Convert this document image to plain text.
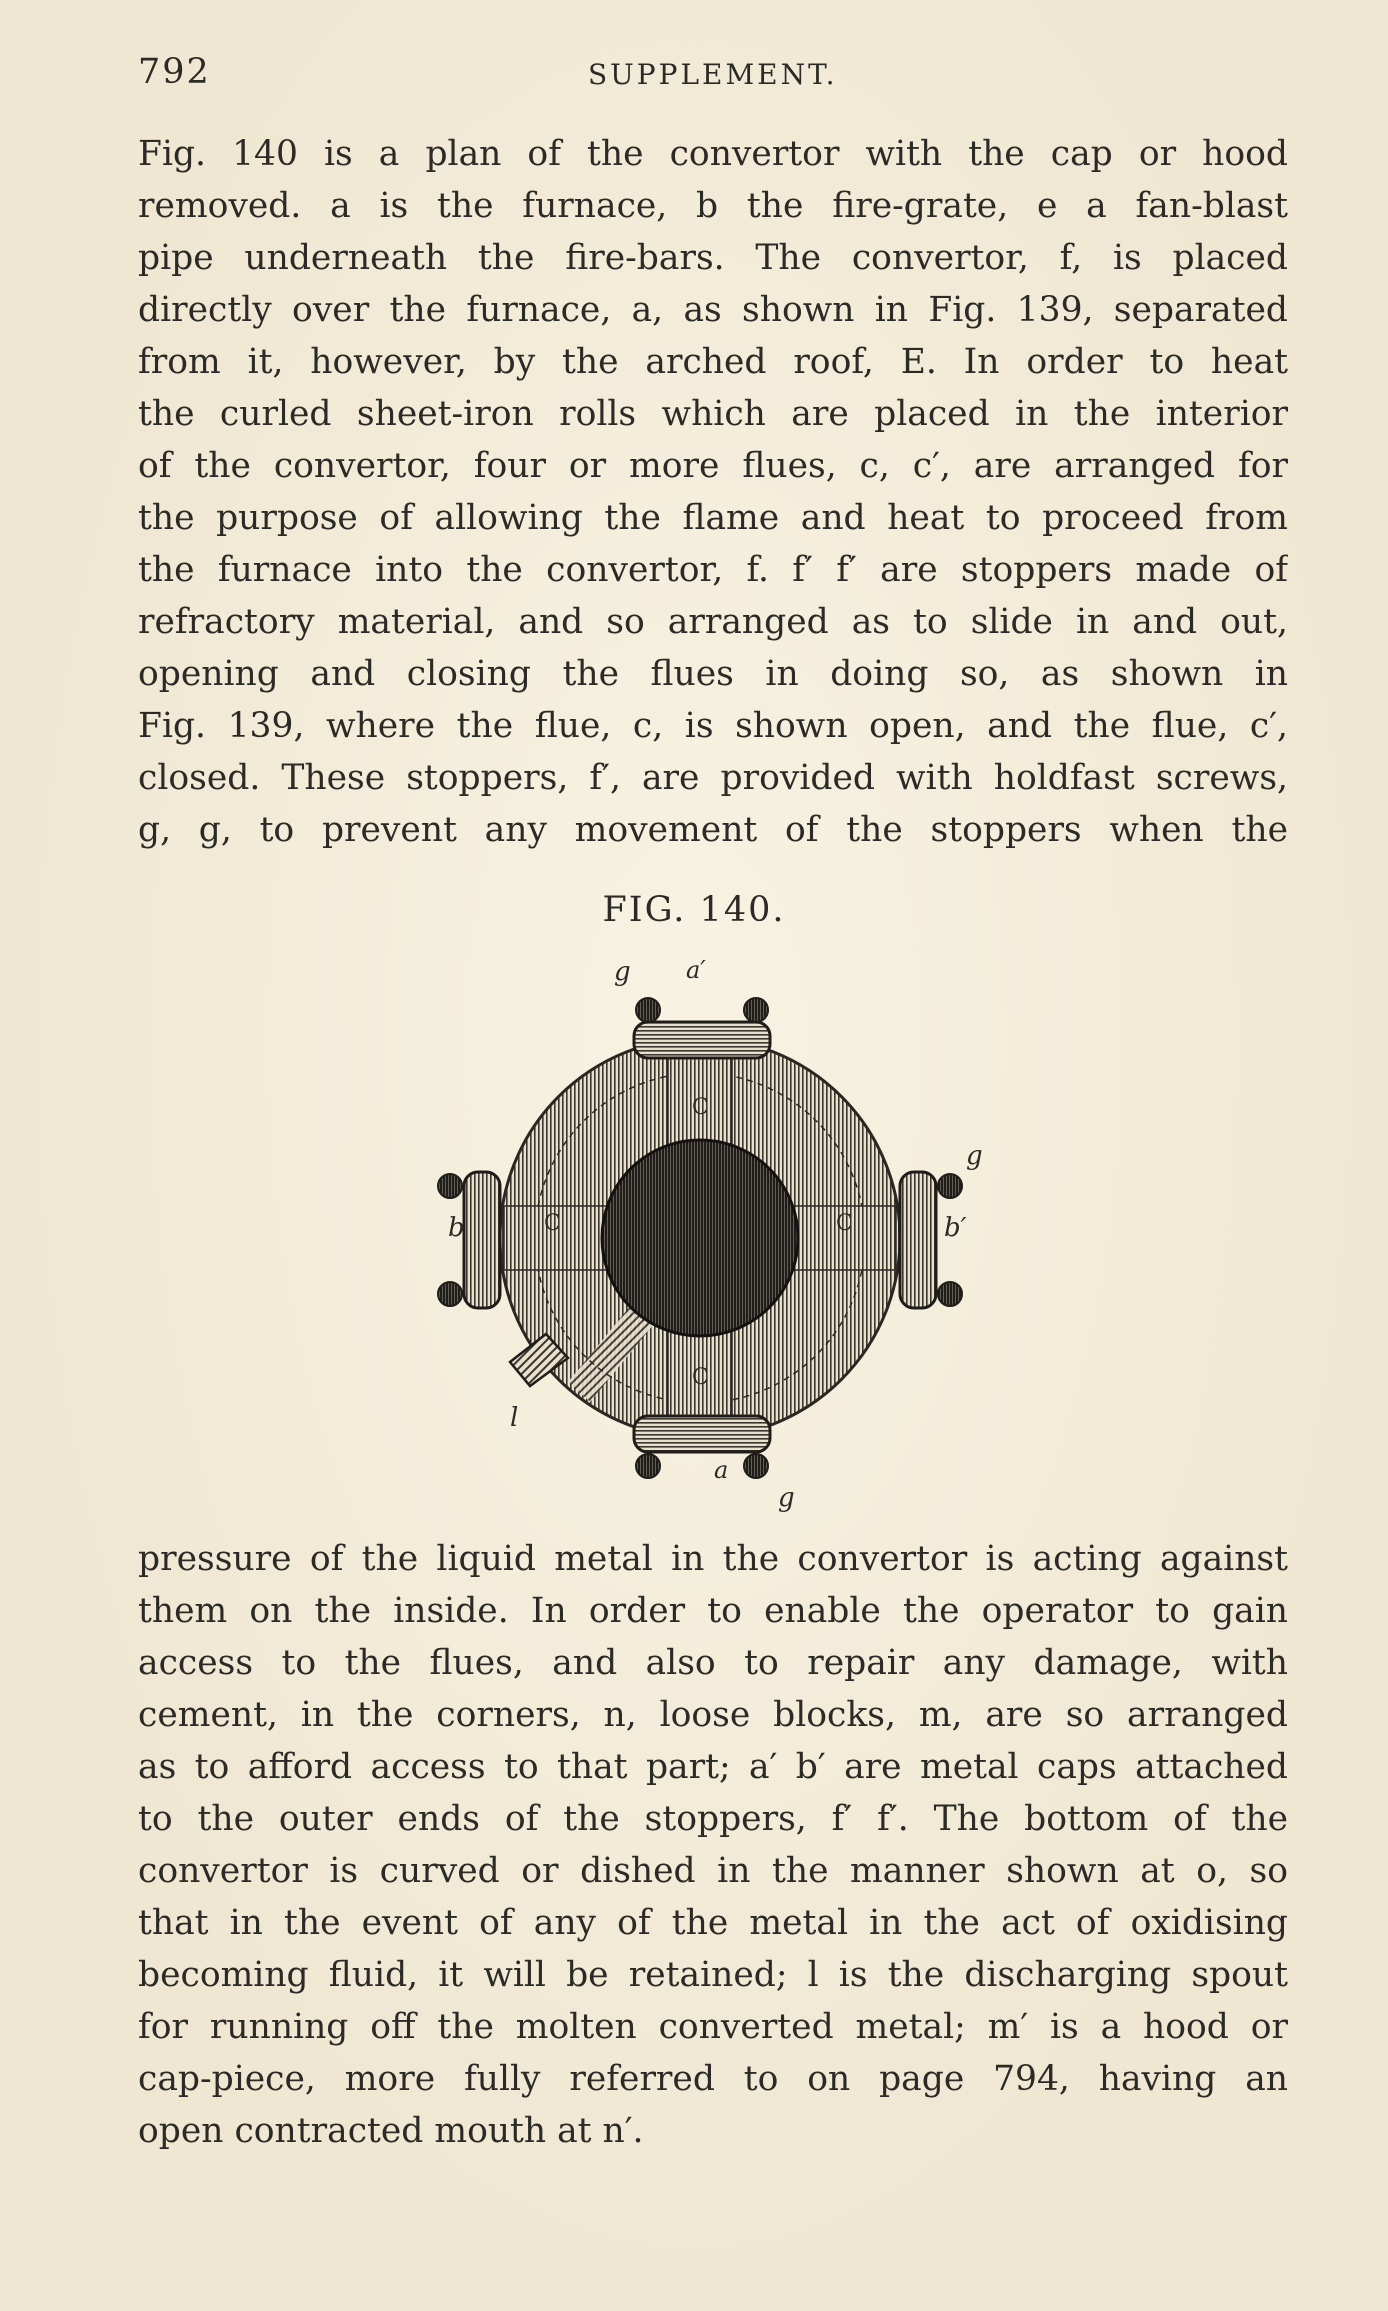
792	SUPPLEMENT.
Fig. 140 is a plan of the convertor with the cap or hood
removed. a is the furnace, b the fire-grate, e a fan-blast
pipe underneath the fire-bars. The convertor, f, is placed
directly over the furnace, a, as shown in Fig. 139, separated
from it, however, by the arched roof, E. In order to heat
the curled sheet-iron rolls which are placed in the interior
of the convertor, four or more flues, c, c′, are arranged for
the purpose of allowing the flame and heat to proceed from
the furnace into the convertor, f. f′ f′ are stoppers made of
refractory material, and so arranged as to slide in and out,
opening and closing the flues in doing so, as shown in
Fig. 139, where the flue, c, is shown open, and the flue, c′,
closed. These stoppers, f′, are provided with holdfast screws,
g, g, to prevent any movement of the stoppers when the
FIG. 140.
g a′
g
b	b′
l
a
g
C
C	C
C
pressure of the liquid metal in the convertor is acting against
them on the inside. In order to enable the operator to gain
access to the flues, and also to repair any damage, with
cement, in the corners, n, loose blocks, m, are so arranged
as to afford access to that part; a′ b′ are metal caps attached
to the outer ends of the stoppers, f′ f′. The bottom of the
convertor is curved or dished in the manner shown at o, so
that in the event of any of the metal in the act of oxidising
becoming fluid, it will be retained; l is the discharging spout
for running off the molten converted metal; m′ is a hood or
cap-piece, more fully referred to on page 794, having an
open contracted mouth at n′.
